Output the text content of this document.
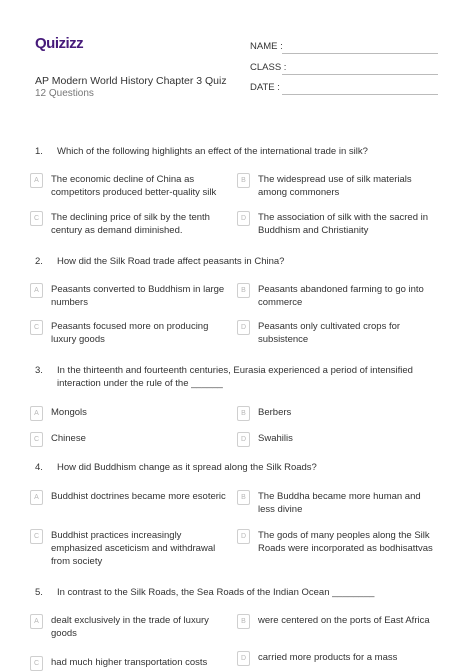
Quizizz
AP Modern World History Chapter 3 Quiz
12 Questions
NAME :
CLASS :
DATE :
1. Which of the following highlights an effect of the international trade in silk?
A	The economic decline of China as competitors produced better-quality silk
B	The widespread use of silk materials among commoners
C	The declining price of silk by the tenth century as demand diminished.
D	The association of silk with the sacred in Buddhism and Christianity
2. How did the Silk Road trade affect peasants in China?
A	Peasants converted to Buddhism in large numbers
B	Peasants abandoned farming to go into commerce
C	Peasants focused more on producing luxury goods
D	Peasants only cultivated crops for subsistence
3. In the thirteenth and fourteenth centuries, Eurasia experienced a period of intensified interaction under the rule of the ______
A	Mongols	B	Berbers
C	Chinese	D	Swahilis
4. How did Buddhism change as it spread along the Silk Roads?
A	Buddhist doctrines became more esoteric	B	The Buddha became more human and less divine
C	Buddhist practices increasingly emphasized asceticism and withdrawal from society
D	The gods of many peoples along the Silk Roads were incorporated as bodhisattvas
5. In contrast to the Silk Roads, the Sea Roads of the Indian Ocean ________
A	dealt exclusively in the trade of luxury goods
B	were centered on the ports of East Africa
C	had much higher transportation costs	D	carried more products for a mass
